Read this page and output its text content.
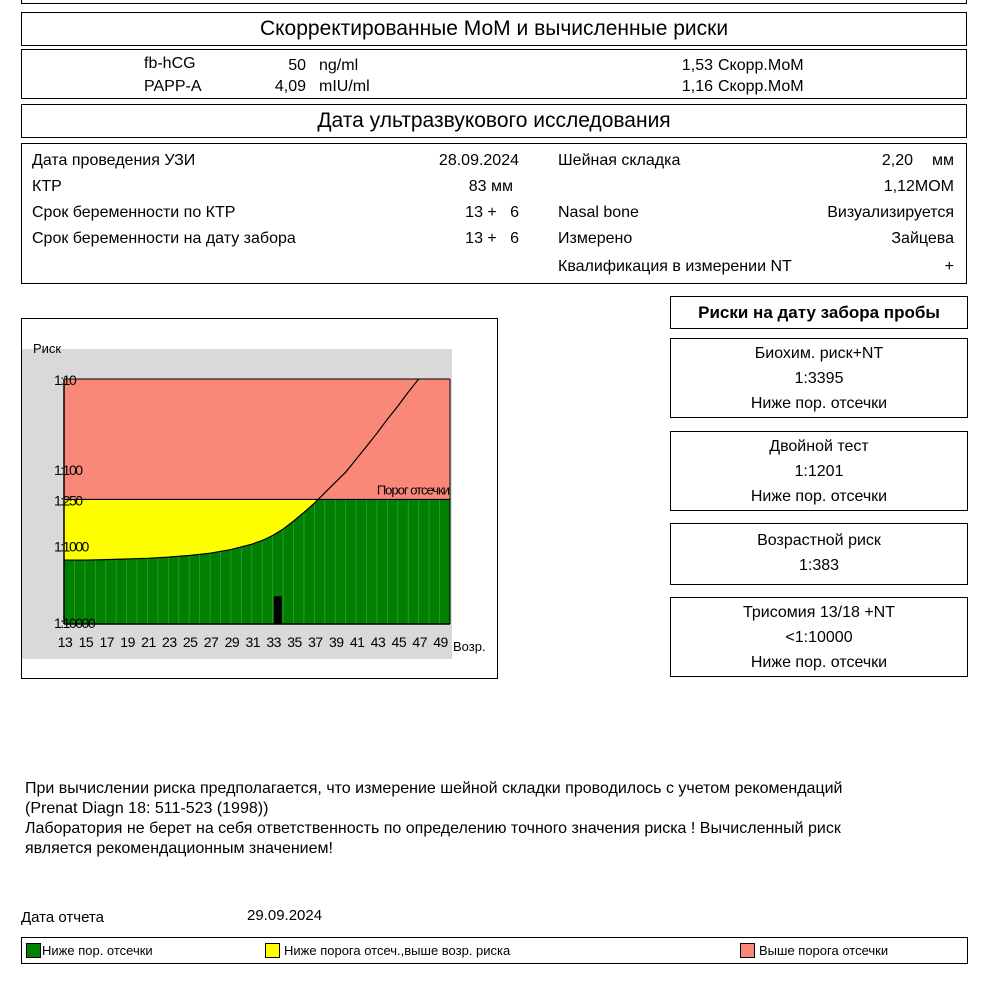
Скорректированные МоМ и вычисленные риски
fb-hCG	50 ng/ml	1,53 Скорр.МоМ
PAPP-A	4,09 mIU/ml	1,16 Скорр.МоМ
Дата ультразвукового исследования
Дата проведения УЗИ	28.09.2024
КТР	83 мм
Срок беременности по КТР	13 +   6
Срок беременности на дату забора	13 +   6
Шейная складка	2,20 мм
1,12МОМ
Nasal bone	Визуализируется
Измерено	Зайцева
Квалификация в измерении NT	+
Риск
1:10
1:100
1:250
1:1000
1:10000
13 15 17 19 21 23 25 27 29 31 33 35 37 39 41 43 45 47 49 Возр.
Порог отсечки
Риски на дату забора пробы
Биохим. риск+NT
1:3395
Ниже пор. отсечки
Двойной тест
1:1201
Ниже пор. отсечки
Возрастной риск
1:383
Трисомия 13/18 +NT
<1:10000
Ниже пор. отсечки
При вычислении риска предполагается, что измерение шейной складки проводилось с учетом рекомендаций
(Prenat Diagn 18: 511-523 (1998))
Лаборатория не берет на себя ответственность по определению точного значения риска ! Вычисленный риск
является рекомендационным значением!
Дата отчета	29.09.2024
Ниже пор. отсечки	Ниже порога отсеч.,выше возр. риска	Выше порога отсечки
